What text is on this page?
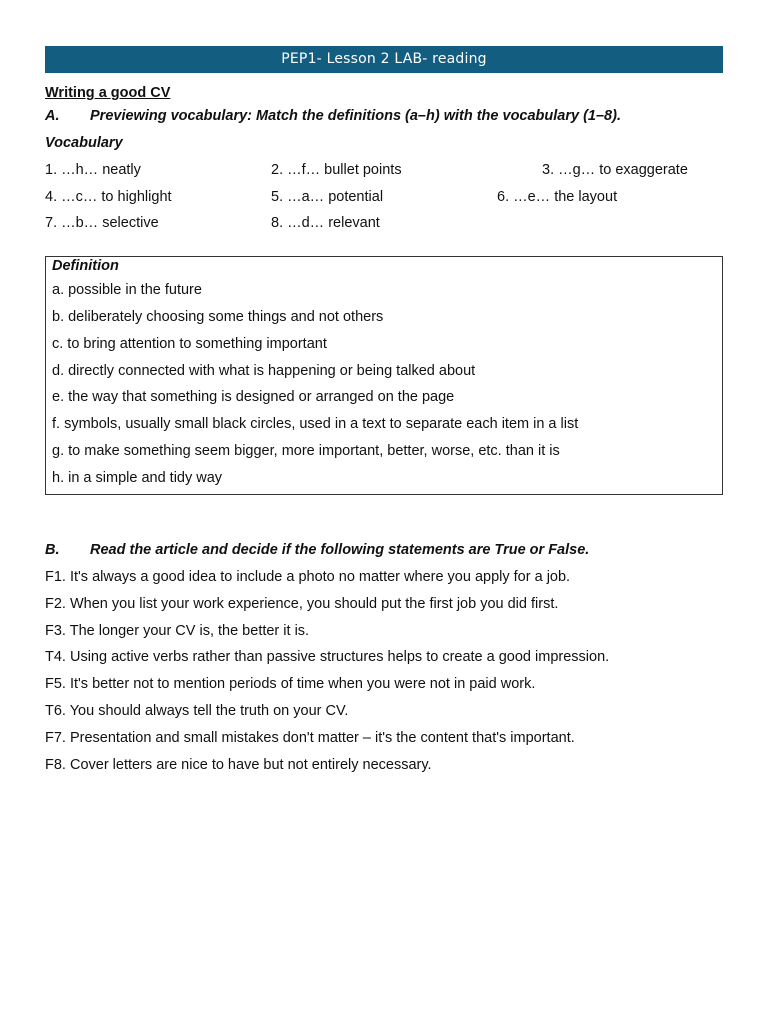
PEP1- Lesson 2 LAB- reading
Writing a good CV
A.	Previewing vocabulary: Match the definitions (a–h) with the vocabulary (1–8).
Vocabulary
1. …h… neatly	2. …f… bullet points	3. …g… to exaggerate
4. …c… to highlight	5. …a… potential	6. …e… the layout
7. …b… selective	8. …d… relevant
Definition
a. possible in the future
b. deliberately choosing some things and not others
c. to bring attention to something important
d. directly connected with what is happening or being talked about
e. the way that something is designed or arranged on the page
f. symbols, usually small black circles, used in a text to separate each item in a list
g. to make something seem bigger, more important, better, worse, etc. than it is
h. in a simple and tidy way
B.	Read the article and decide if the following statements are True or False.
F1. It's always a good idea to include a photo no matter where you apply for a job.
F2. When you list your work experience, you should put the first job you did first.
F3. The longer your CV is, the better it is.
T4. Using active verbs rather than passive structures helps to create a good impression.
F5. It's better not to mention periods of time when you were not in paid work.
T6. You should always tell the truth on your CV.
F7. Presentation and small mistakes don't matter – it's the content that's important.
F8. Cover letters are nice to have but not entirely necessary.
